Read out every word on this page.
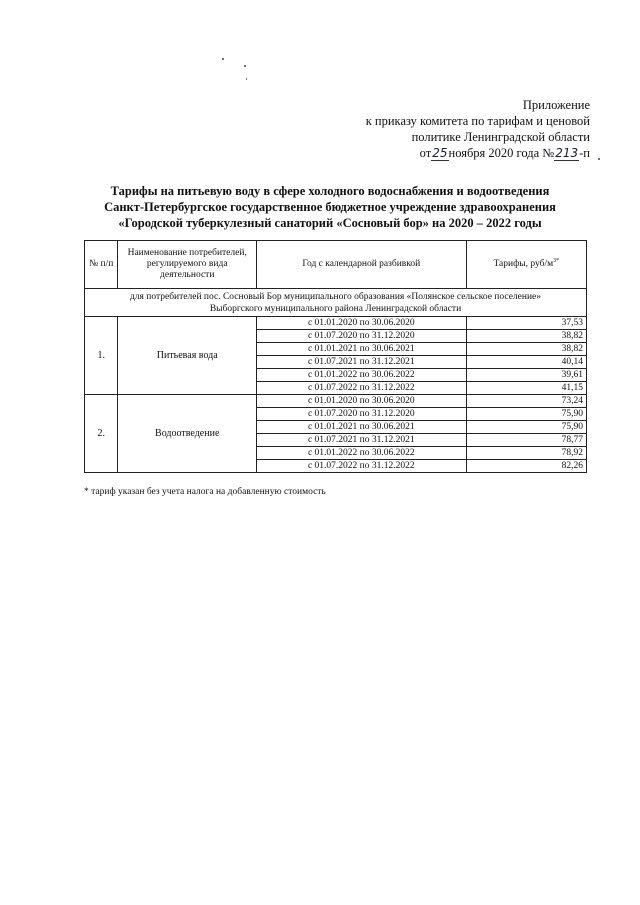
Приложение
к приказу комитета по тарифам и ценовой
политике Ленинградской области
от25ноября 2020 года №213-п
Тарифы на питьевую воду в сфере холодного водоснабжения и водоотведения
Санкт-Петербургское государственное бюджетное учреждение здравоохранения
«Городской туберкулезный санаторий «Сосновый бор» на 2020 – 2022 годы
№ п/п	Наименование потребителей, регулируемого вида деятельности	Год с календарной разбивкой	Тарифы, руб/$м^{3*}$
для потребителей пос. Сосновый Бор муниципального образования «Полянское сельское поселение»
Выборгского муниципального района Ленинградской области			
1.	Питьевая вода	с 01.01.2020 по 30.06.2020	37,53
		с 01.07.2020 по 31.12.2020	38,82
		с 01.01.2021 по 30.06.2021	38,82
		с 01.07.2021 по 31.12.2021	40,14
		с 01.01.2022 по 30.06.2022	39,61
		с 01.07.2022 по 31.12.2022	41,15
2.	Водоотведение	с 01.01.2020 по 30.06.2020	73,24
		с 01.07.2020 по 31.12.2020	75,90
		с 01.01.2021 по 30.06.2021	75,90
		с 01.07.2021 по 31.12.2021	78,77
		с 01.01.2022 по 30.06.2022	78,92
		с 01.07.2022 по 31.12.2022	82,26
* тариф указан без учета налога на добавленную стоимость
